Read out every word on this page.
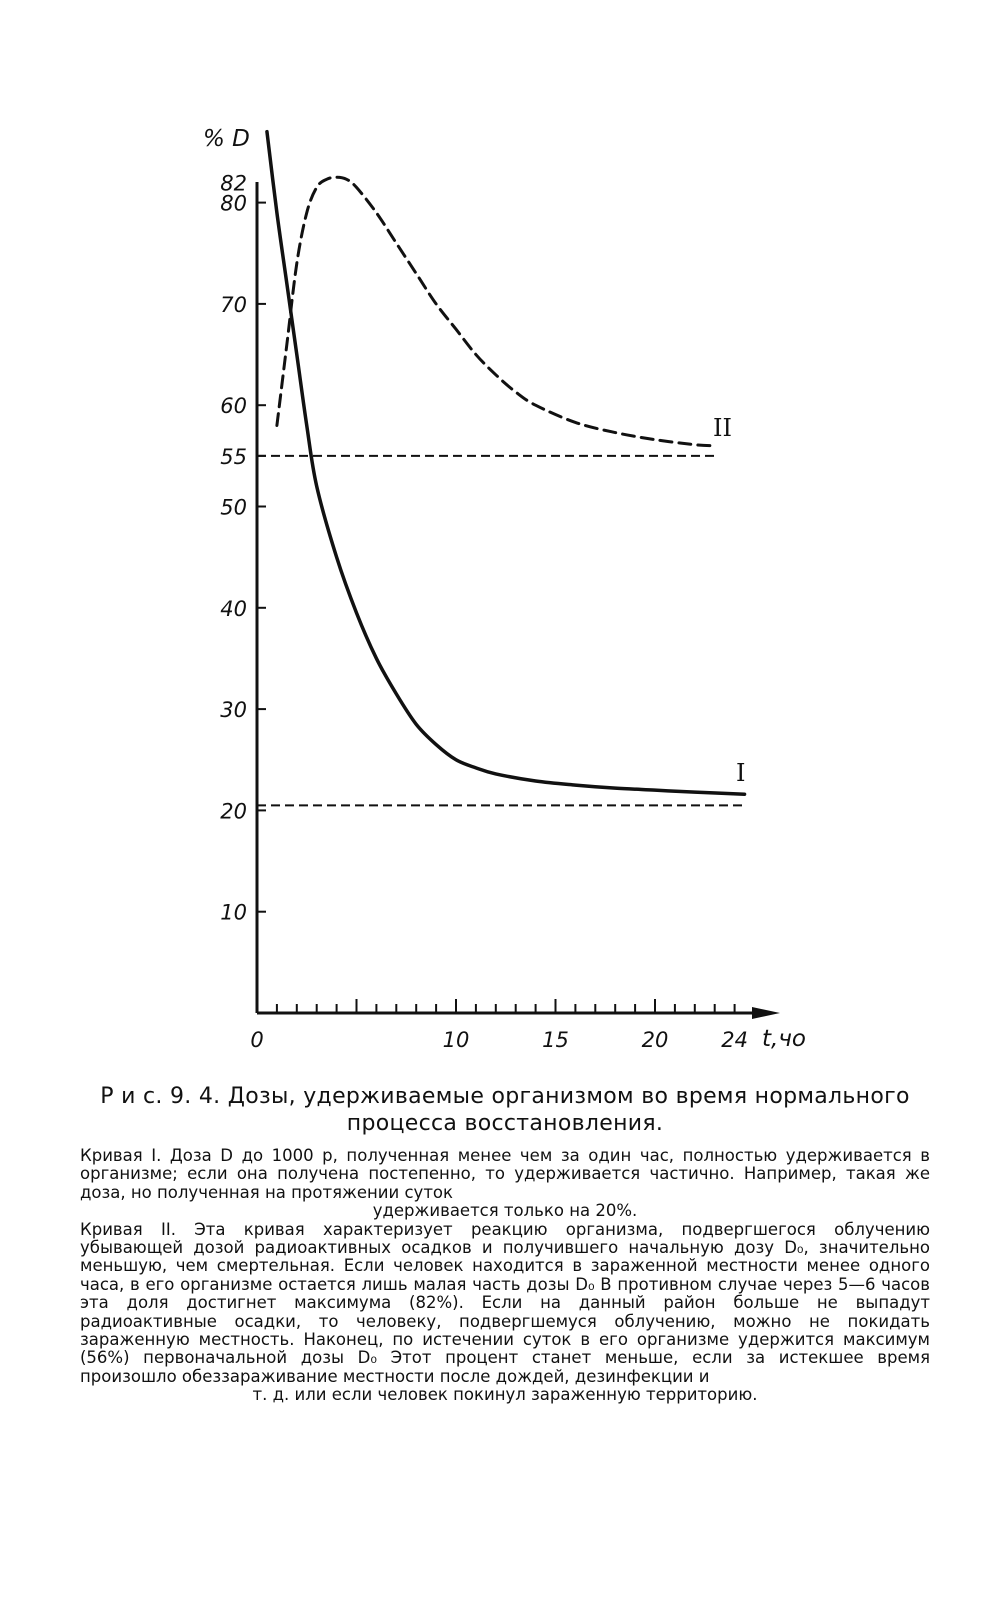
10
20
30
40
50
55
60
70
80
82
0	10	15	20	24
% D
t,чо
I
II
Р и с. 9. 4. Дозы, удерживаемые организмом во время нормального
процесса восстановления.

Кривая I. Доза D до 1000 р, полученная менее чем за один час, полностью удерживается в организме; если она получена постепенно, то удерживается частично. Например, такая же доза, но полученная на протяжении суток

удерживается только на 20%.

Кривая II. Эта кривая характеризует реакцию организма, подвергшегося облучению убывающей дозой радиоактивных осадков и получившего начальную дозу D₀, значительно меньшую, чем смертельная. Если человек находится в зараженной местности менее одного часа, в его организме остается лишь малая часть дозы D₀ В противном случае через 5—6 часов эта доля достигнет максимума (82%). Если на данный район больше не выпадут радиоактивные осадки, то человеку, подвергшемуся облучению, можно не покидать зараженную местность. Наконец, по истечении суток в его организме удержится максимум (56%) первоначальной дозы D₀ Этот процент станет меньше, если за истекшее время произошло обеззараживание местности после дождей, дезинфекции и

т. д. или если человек покинул зараженную территорию.
